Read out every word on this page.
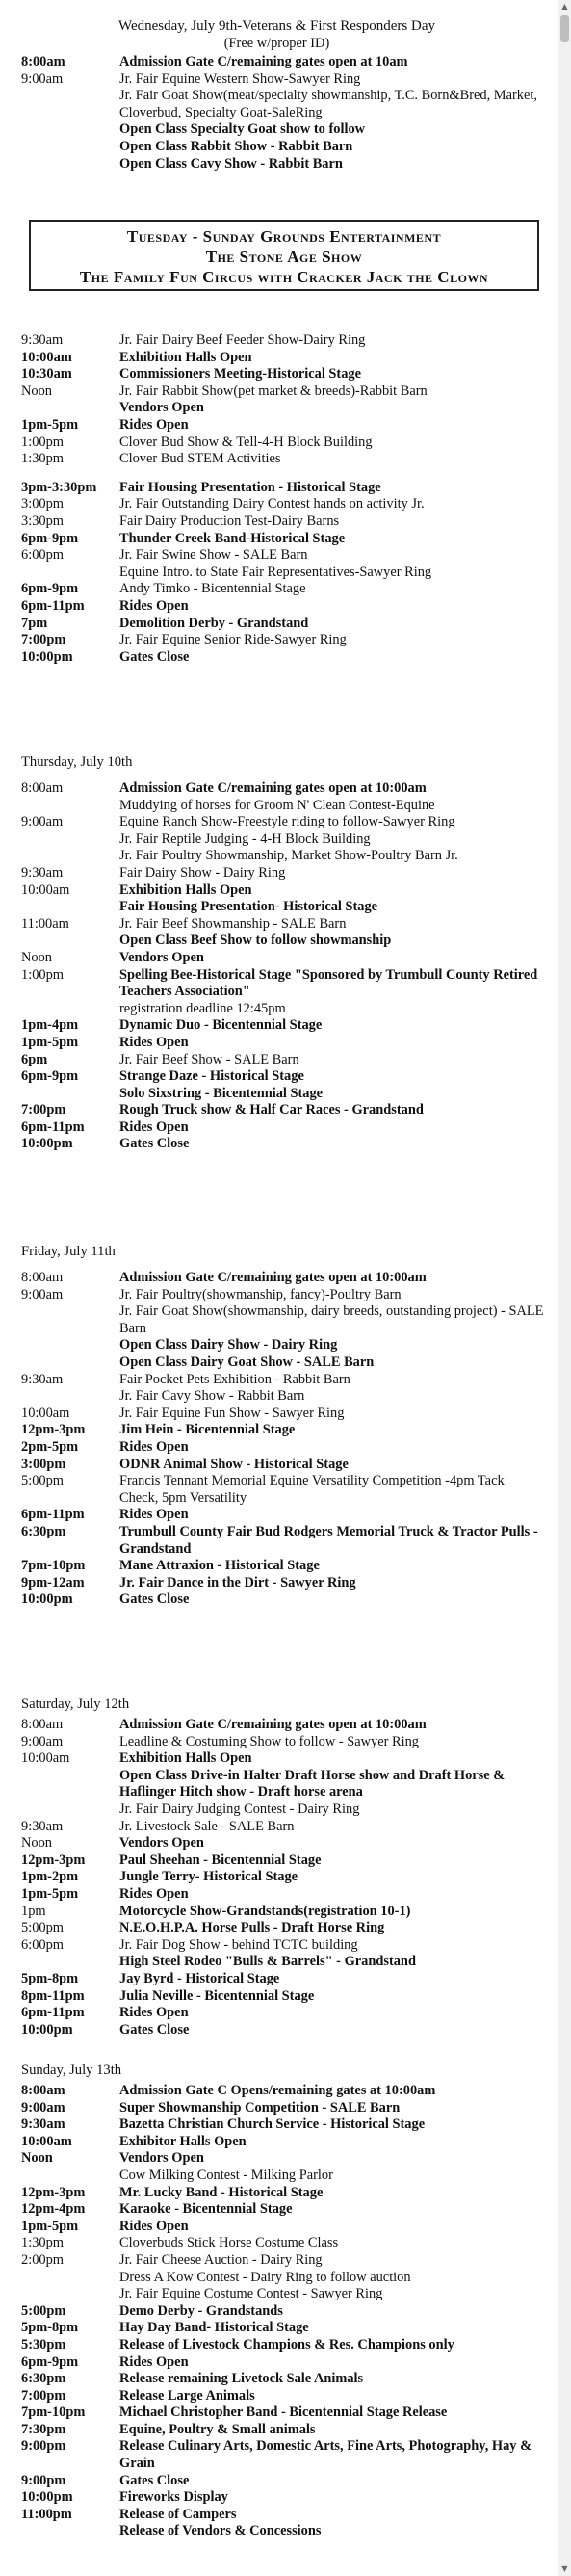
Wednesday, July 9th-Veterans & First Responders Day
(Free w/proper ID)
8:00am	Admission Gate C/remaining gates open at 10am
9:00am	Jr. Fair Equine Western Show-Sawyer Ring
Jr. Fair Goat Show(meat/specialty showmanship, T.C. Born&Bred, Market, Cloverbud, Specialty Goat-SaleRing
Open Class Specialty Goat show to follow
Open Class Rabbit Show - Rabbit Barn
Open Class Cavy Show - Rabbit Barn
Tuesday - Sunday Grounds Entertainment
The Stone Age Show
The Family Fun Circus with Cracker Jack the Clown
9:30am	Jr. Fair Dairy Beef Feeder Show-Dairy Ring
10:00am	Exhibition Halls Open
10:30am	Commissioners Meeting-Historical Stage
Noon	Jr. Fair Rabbit Show(pet market & breeds)-Rabbit Barn
Vendors Open
1pm-5pm	Rides Open
1:00pm	Clover Bud Show & Tell-4-H Block Building
1:30pm	Clover Bud STEM Activities
3pm-3:30pm	Fair Housing Presentation - Historical Stage
3:00pm	Jr. Fair Outstanding Dairy Contest hands on activity Jr.
3:30pm	Fair Dairy Production Test-Dairy Barns
6pm-9pm	Thunder Creek Band-Historical Stage
6:00pm	Jr. Fair Swine Show - SALE Barn
Equine Intro. to State Fair Representatives-Sawyer Ring
6pm-9pm	Andy Timko - Bicentennial Stage
6pm-11pm	Rides Open
7pm	Demolition Derby - Grandstand
7:00pm	Jr. Fair Equine Senior Ride-Sawyer Ring
10:00pm	Gates Close
Thursday, July 10th
8:00am	Admission Gate C/remaining gates open at 10:00am
Muddying of horses for Groom N' Clean Contest-Equine
9:00am	Equine Ranch Show-Freestyle riding to follow-Sawyer Ring
Jr. Fair Reptile Judging - 4-H Block Building
Jr. Fair Poultry Showmanship, Market Show-Poultry Barn Jr.
9:30am	Fair Dairy Show - Dairy Ring
10:00am	Exhibition Halls Open
Fair Housing Presentation- Historical Stage
11:00am	Jr. Fair Beef Showmanship - SALE Barn
Open Class Beef Show to follow showmanship
Noon	Vendors Open
1:00pm	Spelling Bee-Historical Stage "Sponsored by Trumbull County Retired Teachers Association"
registration deadline 12:45pm
1pm-4pm	Dynamic Duo - Bicentennial Stage
1pm-5pm	Rides Open
6pm	Jr. Fair Beef Show - SALE Barn
6pm-9pm	Strange Daze - Historical Stage
Solo Sixstring - Bicentennial Stage
7:00pm	Rough Truck show & Half Car Races - Grandstand
6pm-11pm	Rides Open
10:00pm	Gates Close
Friday, July 11th
8:00am	Admission Gate C/remaining gates open at 10:00am
9:00am	Jr. Fair Poultry(showmanship, fancy)-Poultry Barn
Jr. Fair Goat Show(showmanship, dairy breeds, outstanding project) - SALE Barn
Open Class Dairy Show - Dairy Ring
Open Class Dairy Goat Show - SALE Barn
9:30am	Fair Pocket Pets Exhibition - Rabbit Barn
Jr. Fair Cavy Show - Rabbit Barn
10:00am	Jr. Fair Equine Fun Show - Sawyer Ring
12pm-3pm	Jim Hein - Bicentennial Stage
2pm-5pm	Rides Open
3:00pm	ODNR Animal Show - Historical Stage
5:00pm	Francis Tennant Memorial Equine Versatility Competition -4pm Tack Check, 5pm Versatility
6pm-11pm	Rides Open
6:30pm	Trumbull County Fair Bud Rodgers Memorial Truck & Tractor Pulls - Grandstand
7pm-10pm	Mane Attraxion - Historical Stage
9pm-12am	Jr. Fair Dance in the Dirt - Sawyer Ring
10:00pm	Gates Close
Saturday, July 12th
8:00am	Admission Gate C/remaining gates open at 10:00am
9:00am	Leadline & Costuming Show to follow - Sawyer Ring
10:00am	Exhibition Halls Open
Open Class Drive-in Halter Draft Horse show and Draft Horse & Haflinger Hitch show - Draft horse arena
Jr. Fair Dairy Judging Contest - Dairy Ring
9:30am	Jr. Livestock Sale - SALE Barn
Noon	Vendors Open
12pm-3pm	Paul Sheehan - Bicentennial Stage
1pm-2pm	Jungle Terry- Historical Stage
1pm-5pm	Rides Open
1pm	Motorcycle Show-Grandstands(registration 10-1)
5:00pm	N.E.O.H.P.A. Horse Pulls - Draft Horse Ring
6:00pm	Jr. Fair Dog Show - behind TCTC building
High Steel Rodeo "Bulls & Barrels" - Grandstand
5pm-8pm	Jay Byrd - Historical Stage
8pm-11pm	Julia Neville - Bicentennial Stage
6pm-11pm	Rides Open
10:00pm	Gates Close
Sunday, July 13th
8:00am	Admission Gate C Opens/remaining gates at 10:00am
9:00am	Super Showmanship Competition - SALE Barn
9:30am	Bazetta Christian Church Service - Historical Stage
10:00am	Exhibitor Halls Open
Noon	Vendors Open
Cow Milking Contest - Milking Parlor
12pm-3pm	Mr. Lucky Band - Historical Stage
12pm-4pm	Karaoke - Bicentennial Stage
1pm-5pm	Rides Open
1:30pm	Cloverbuds Stick Horse Costume Class
2:00pm	Jr. Fair Cheese Auction - Dairy Ring
Dress A Kow Contest - Dairy Ring to follow auction
Jr. Fair Equine Costume Contest - Sawyer Ring
5:00pm	Demo Derby - Grandstands
5pm-8pm	Hay Day Band- Historical Stage
5:30pm	Release of Livestock Champions & Res. Champions only
6pm-9pm	Rides Open
6:30pm	Release remaining Livetock Sale Animals
7:00pm	Release Large Animals
7pm-10pm	Michael Christopher Band - Bicentennial Stage Release
7:30pm	Equine, Poultry & Small animals
9:00pm	Release Culinary Arts, Domestic Arts, Fine Arts, Photography, Hay & Grain
9:00pm	Gates Close
10:00pm	Fireworks Display
11:00pm	Release of Campers
Release of Vendors & Concessions
▲
▼
